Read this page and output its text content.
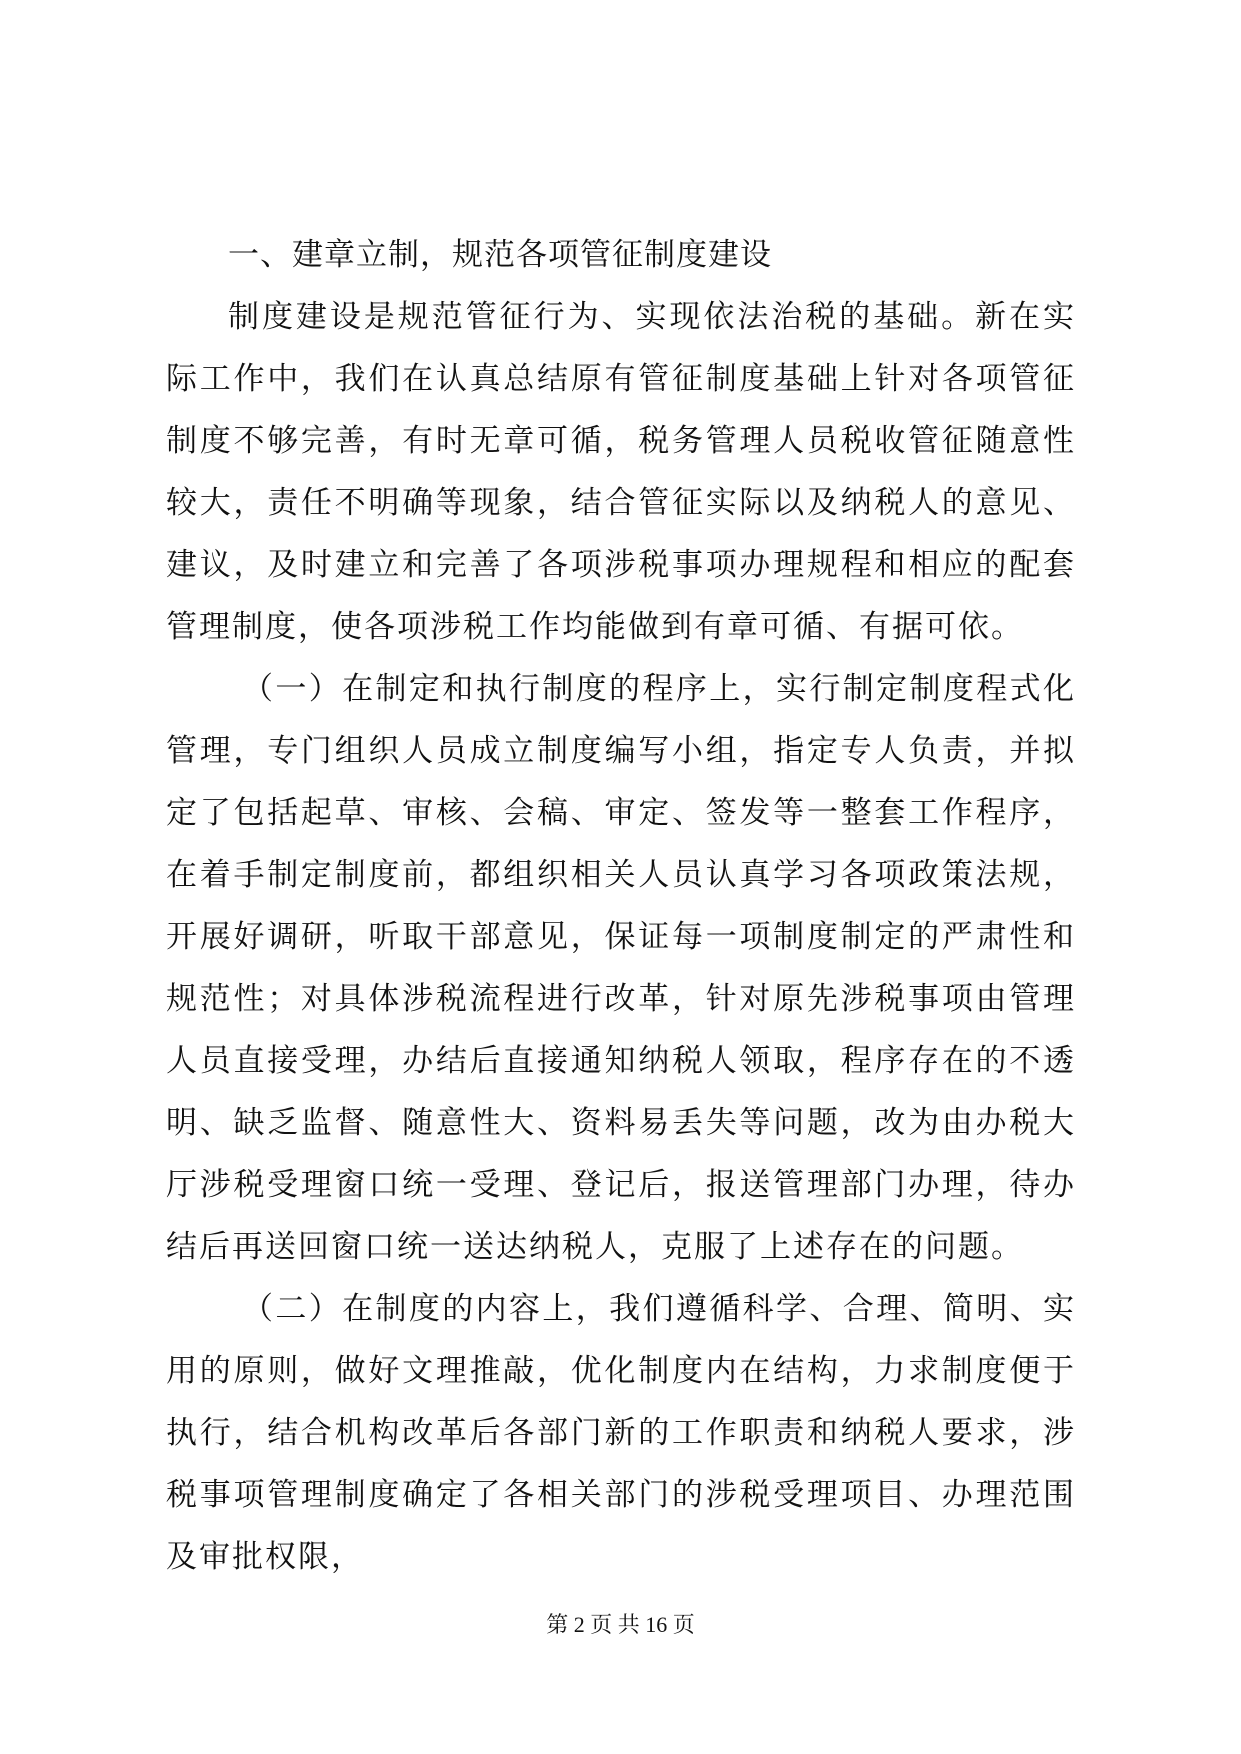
一、建章立制，规范各项管征制度建设

制度建设是规范管征行为、实现依法治税的基础。新在实际工作中，我们在认真总结原有管征制度基础上针对各项管征制度不够完善，有时无章可循，税务管理人员税收管征随意性较大，责任不明确等现象，结合管征实际以及纳税人的意见、建议，及时建立和完善了各项涉税事项办理规程和相应的配套管理制度，使各项涉税工作均能做到有章可循、有据可依。

（一）在制定和执行制度的程序上，实行制定制度程式化管理，专门组织人员成立制度编写小组，指定专人负责，并拟定了包括起草、审核、会稿、审定、签发等一整套工作程序，在着手制定制度前，都组织相关人员认真学习各项政策法规，开展好调研，听取干部意见，保证每一项制度制定的严肃性和规范性；对具体涉税流程进行改革，针对原先涉税事项由管理人员直接受理，办结后直接通知纳税人领取，程序存在的不透明、缺乏监督、随意性大、资料易丢失等问题，改为由办税大厅涉税受理窗口统一受理、登记后，报送管理部门办理，待办结后再送回窗口统一送达纳税人，克服了上述存在的问题。

（二）在制度的内容上，我们遵循科学、合理、简明、实用的原则，做好文理推敲，优化制度内在结构，力求制度便于执行，结合机构改革后各部门新的工作职责和纳税人要求，涉税事项管理制度确定了各相关部门的涉税受理项目、办理范围及审批权限，

第 2 页 共 16 页
